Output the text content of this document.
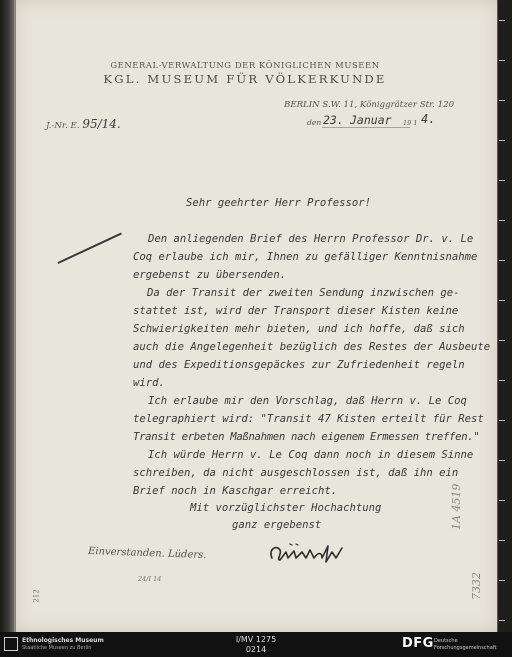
GENERAL-VERWALTUNG DER KÖNIGLICHEN MUSEEN
KGL. MUSEUM FÜR VÖLKERKUNDE
BERLIN S.W. 11, Königgrätzer Str. 120
J.-Nr. E. 95/14.	den 23. Januar 19 1 4.
Sehr geehrter Herr Professor!
Den anliegenden Brief des Herrn Professor Dr. v. Le
Coq erlaube ich mir, Ihnen zu gefälliger Kenntnisnahme
ergebenst zu übersenden.
Da der Transit der zweiten Sendung inzwischen ge-
stattet ist, wird der Transport dieser Kisten keine
Schwierigkeiten mehr bieten, und ich hoffe, daß sich
auch die Angelegenheit bezüglich des Restes der Ausbeute
und des Expeditionsgepäckes zur Zufriedenheit regeln
wird.
Ich erlaube mir den Vorschlag, daß Herrn v. Le Coq
telegraphiert wird: "Transit 47 Kisten erteilt für Rest
Transit erbeten Maßnahmen nach eigenem Ermessen treffen."
Ich würde Herrn v. Le Coq dann noch in diesem Sinne
schreiben, da nicht ausgeschlossen ist, daß ihn ein
Brief noch in Kaschgar erreicht.
Mit vorzüglichster Hochachtung
ganz ergebenst
Einverstanden. Lüders.
24/I 14
212
1A 4519
7332
Ethnologisches Museum
Staatliche Museen zu Berlin
I/MV 1275
0214	DFG Deutsche
Forschungsgemeinschaft
